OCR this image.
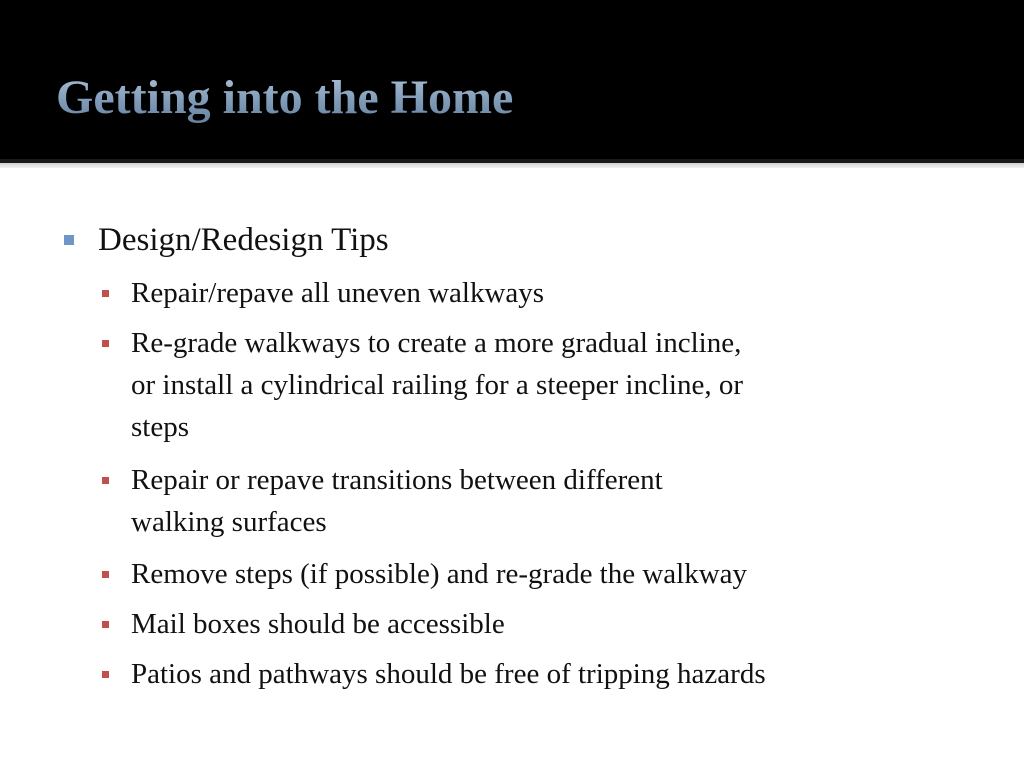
Getting into the Home
Design/Redesign Tips
Repair/repave all uneven walkways
Re-grade walkways to create a more gradual incline,
or install a cylindrical railing for a steeper incline, or
steps
Repair or repave transitions between different
walking surfaces
Remove steps (if possible) and re-grade the walkway
Mail boxes should be accessible
Patios and pathways should be free of tripping hazards
